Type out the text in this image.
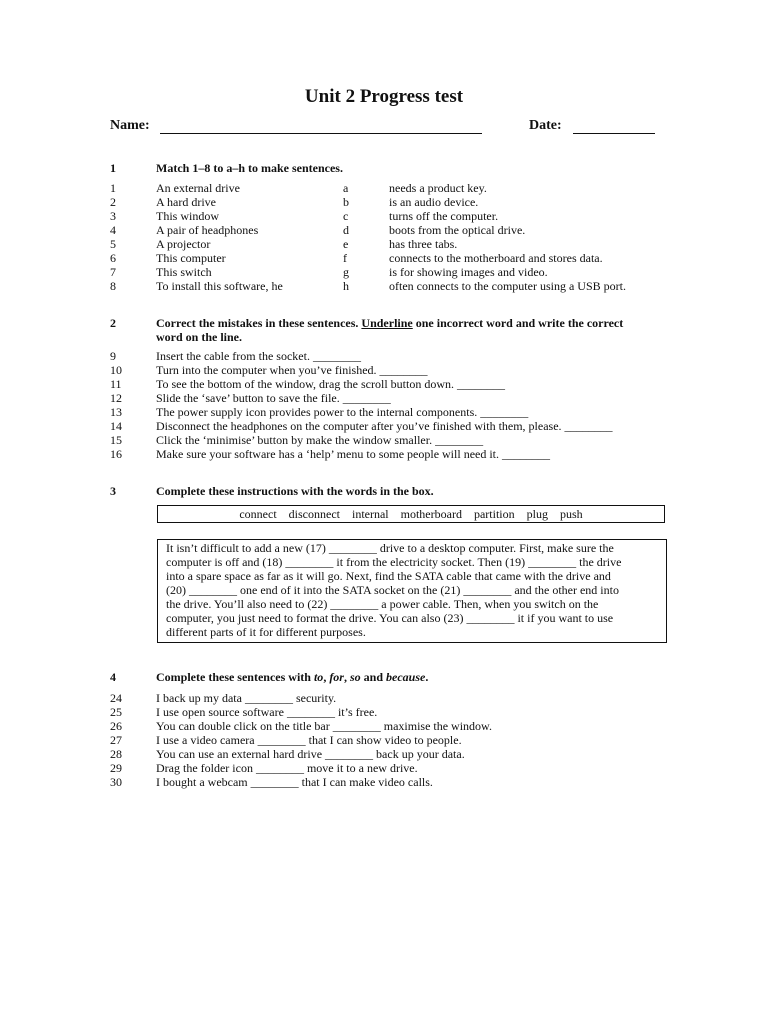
Unit 2 Progress test
Name:	Date:
1	Match 1–8 to a–h to make sentences.
1	An external drive	a	needs a product key.
2	A hard drive	b	is an audio device.
3	This window	c	turns off the computer.
4	A pair of headphones	d	boots from the optical drive.
5	A projector	e	has three tabs.
6	This computer	f	connects to the motherboard and stores data.
7	This switch	g	is for showing images and video.
8	To install this software, he	h	often connects to the computer using a USB port.
2	Correct the mistakes in these sentences. Underline one incorrect word and write the correct word on the line.
9	Insert the cable from the socket. ________
10	Turn into the computer when you’ve finished. ________
11	To see the bottom of the window, drag the scroll button down. ________
12	Slide the ‘save’ button to save the file. ________
13	The power supply icon provides power to the internal components. ________
14	Disconnect the headphones on the computer after you’ve finished with them, please. ________
15	Click the ‘minimise’ button by make the window smaller. ________
16	Make sure your software has a ‘help’ menu to some people will need it. ________
3	Complete these instructions with the words in the box.
connect disconnect internal motherboard partition plug push
It isn’t difficult to add a new (17) ________ drive to a desktop computer. First, make sure the
computer is off and (18) ________ it from the electricity socket. Then (19) ________ the drive
into a spare space as far as it will go. Next, find the SATA cable that came with the drive and
(20) ________ one end of it into the SATA socket on the (21) ________ and the other end into
the drive. You’ll also need to (22) ________ a power cable. Then, when you switch on the
computer, you just need to format the drive. You can also (23) ________ it if you want to use
different parts of it for different purposes.
4	Complete these sentences with to, for, so and because.
24	I back up my data ________ security.
25	I use open source software ________ it’s free.
26	You can double click on the title bar ________ maximise the window.
27	I use a video camera ________ that I can show video to people.
28	You can use an external hard drive ________ back up your data.
29	Drag the folder icon ________ move it to a new drive.
30	I bought a webcam ________ that I can make video calls.
